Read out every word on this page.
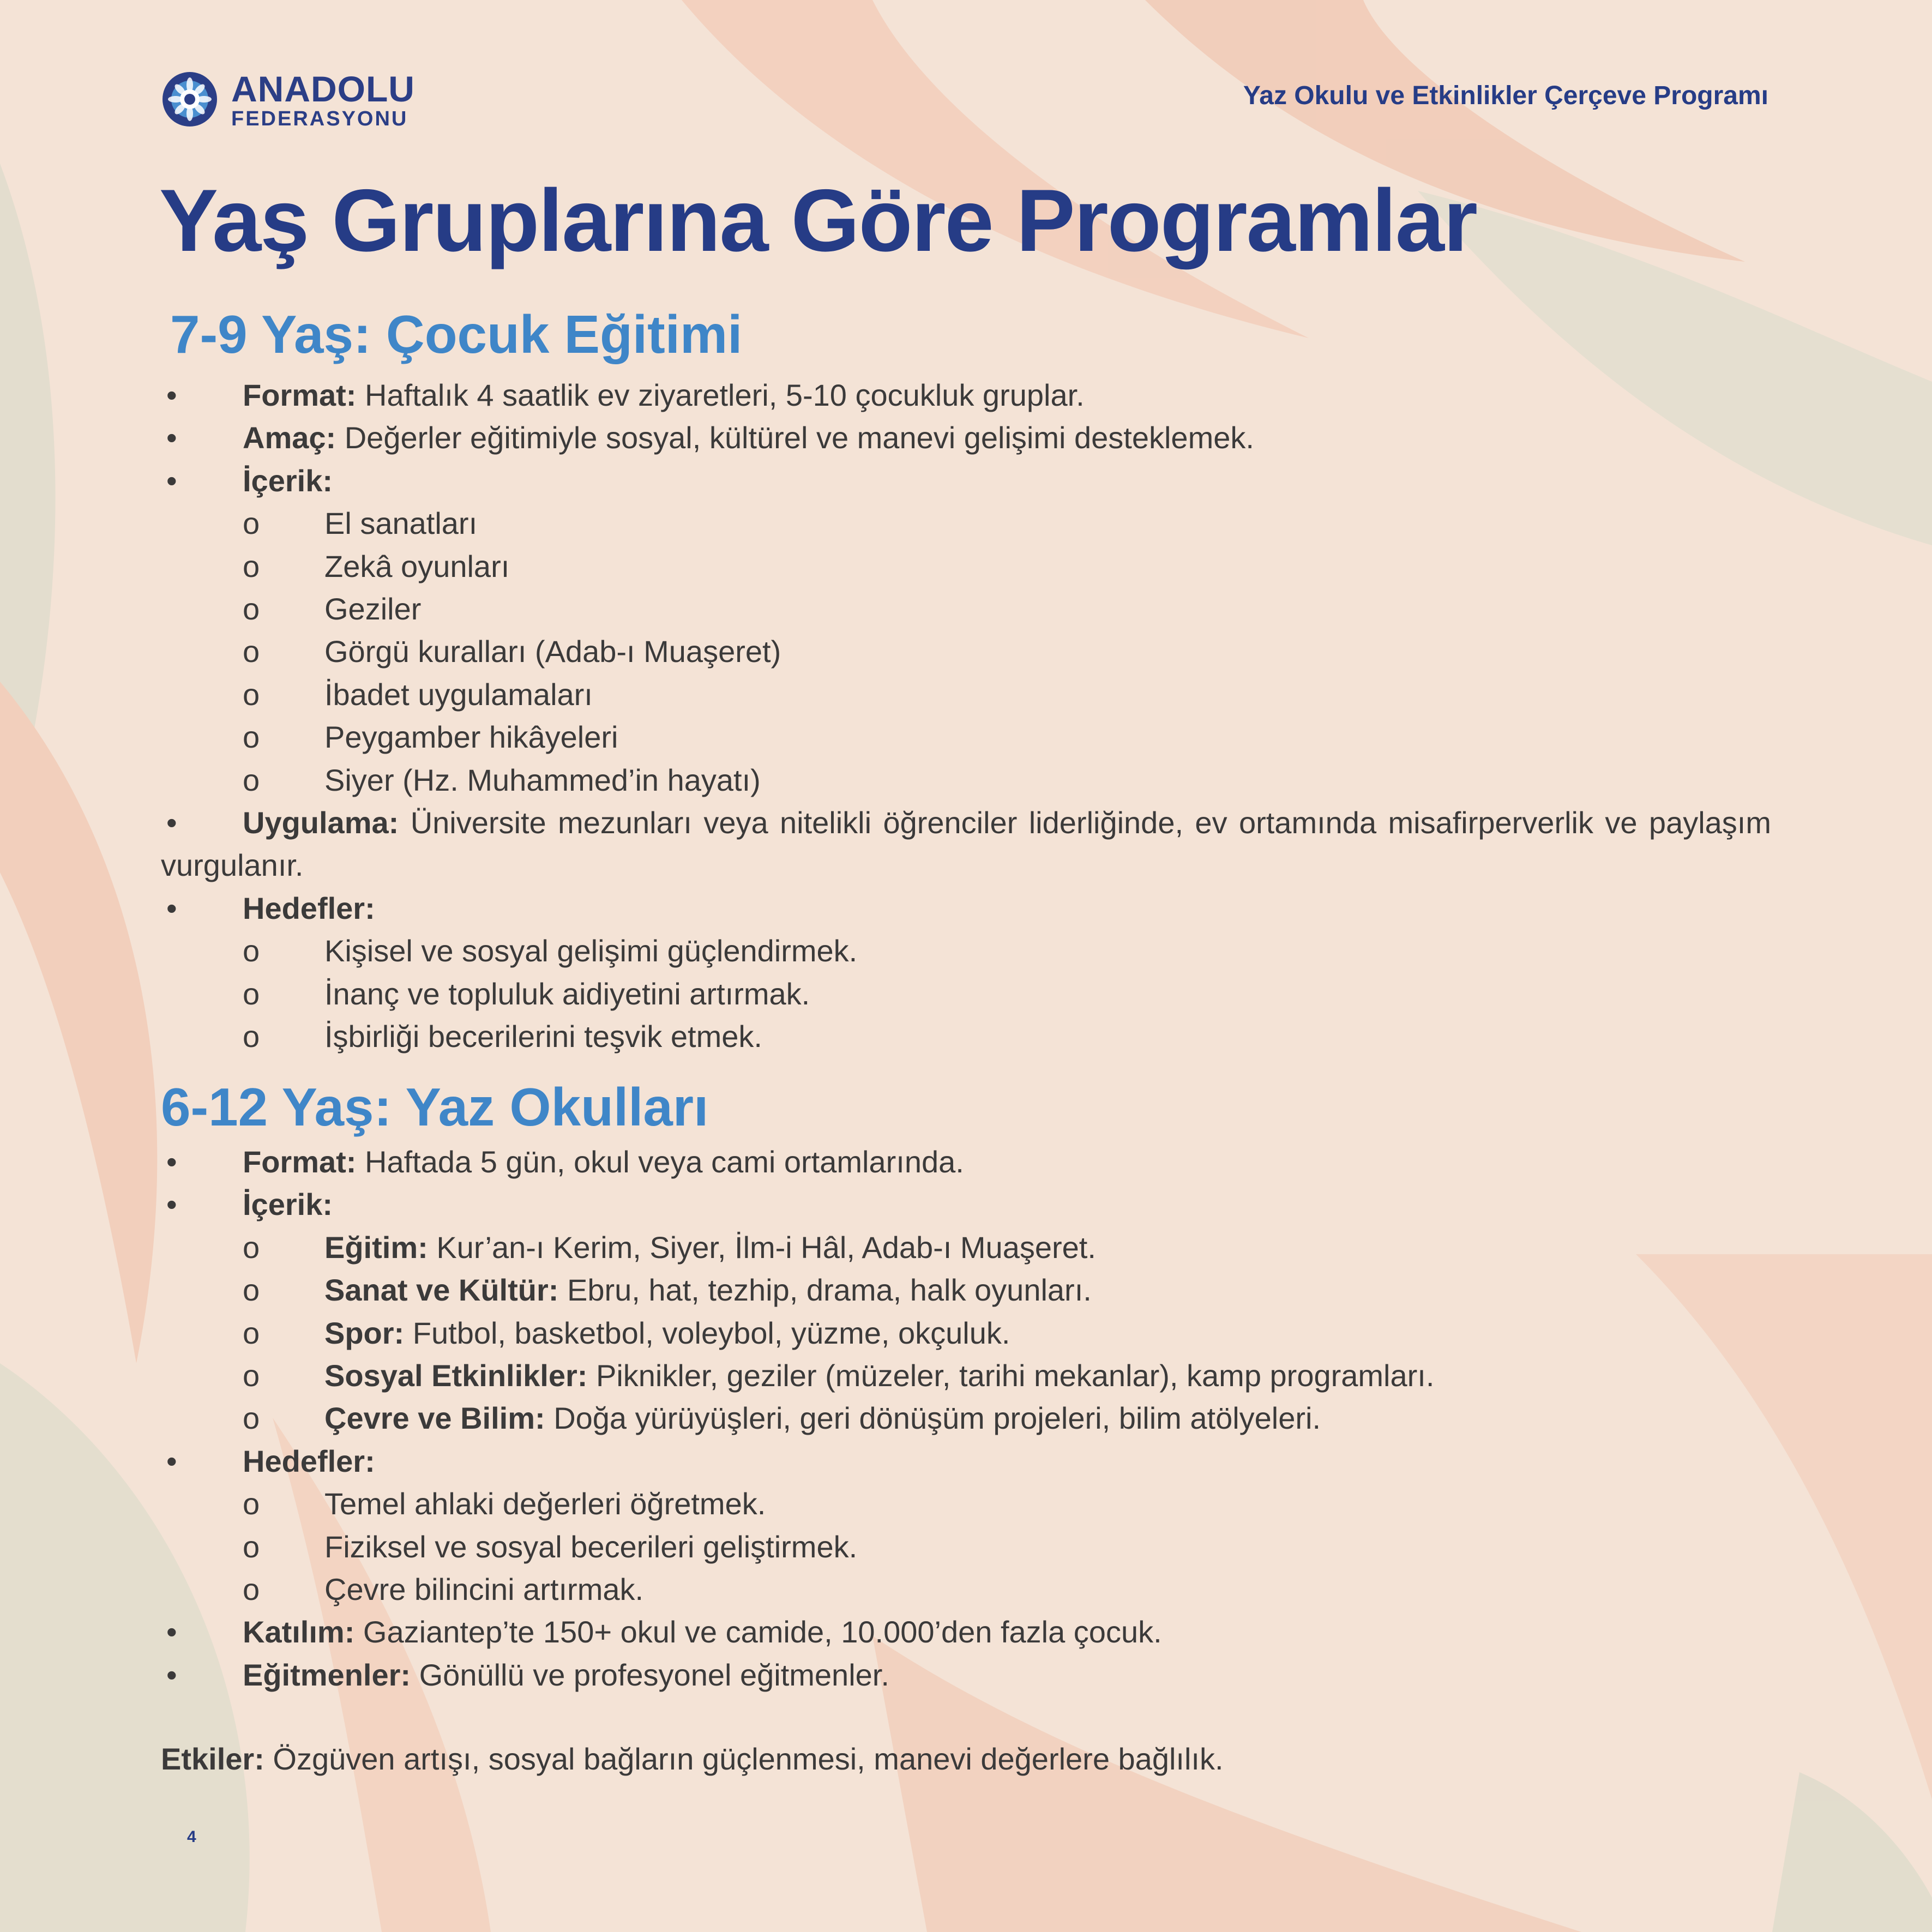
ANADOLU
FEDERASYONU
Yaz Okulu ve Etkinlikler Çerçeve Programı
Yaş Gruplarına Göre Programlar
7-9 Yaş: Çocuk Eğitimi
• Format: Haftalık 4 saatlik ev ziyaretleri, 5-10 çocukluk gruplar.
• Amaç: Değerler eğitimiyle sosyal, kültürel ve manevi gelişimi desteklemek.
• İçerik:
o El sanatları
o Zekâ oyunları
o Geziler
o Görgü kuralları (Adab-ı Muaşeret)
o İbadet uygulamaları
o Peygamber hikâyeleri
o Siyer (Hz. Muhammed’in hayatı)
• Uygulama: Üniversite mezunları veya nitelikli öğrenciler liderliğinde, ev ortamında misafirperverlik ve paylaşım vurgulanır.
• Hedefler:
o Kişisel ve sosyal gelişimi güçlendirmek.
o İnanç ve topluluk aidiyetini artırmak.
o İşbirliği becerilerini teşvik etmek.
6-12 Yaş: Yaz Okulları
• Format: Haftada 5 gün, okul veya cami ortamlarında.
• İçerik:
o Eğitim: Kur’an-ı Kerim, Siyer, İlm-i Hâl, Adab-ı Muaşeret.
o Sanat ve Kültür: Ebru, hat, tezhip, drama, halk oyunları.
o Spor: Futbol, basketbol, voleybol, yüzme, okçuluk.
o Sosyal Etkinlikler: Piknikler, geziler (müzeler, tarihi mekanlar), kamp programları.
o Çevre ve Bilim: Doğa yürüyüşleri, geri dönüşüm projeleri, bilim atölyeleri.
• Hedefler:
o Temel ahlaki değerleri öğretmek.
o Fiziksel ve sosyal becerileri geliştirmek.
o Çevre bilincini artırmak.
• Katılım: Gaziantep’te 150+ okul ve camide, 10.000’den fazla çocuk.
• Eğitmenler: Gönüllü ve profesyonel eğitmenler.
Etkiler: Özgüven artışı, sosyal bağların güçlenmesi, manevi değerlere bağlılık.
4
